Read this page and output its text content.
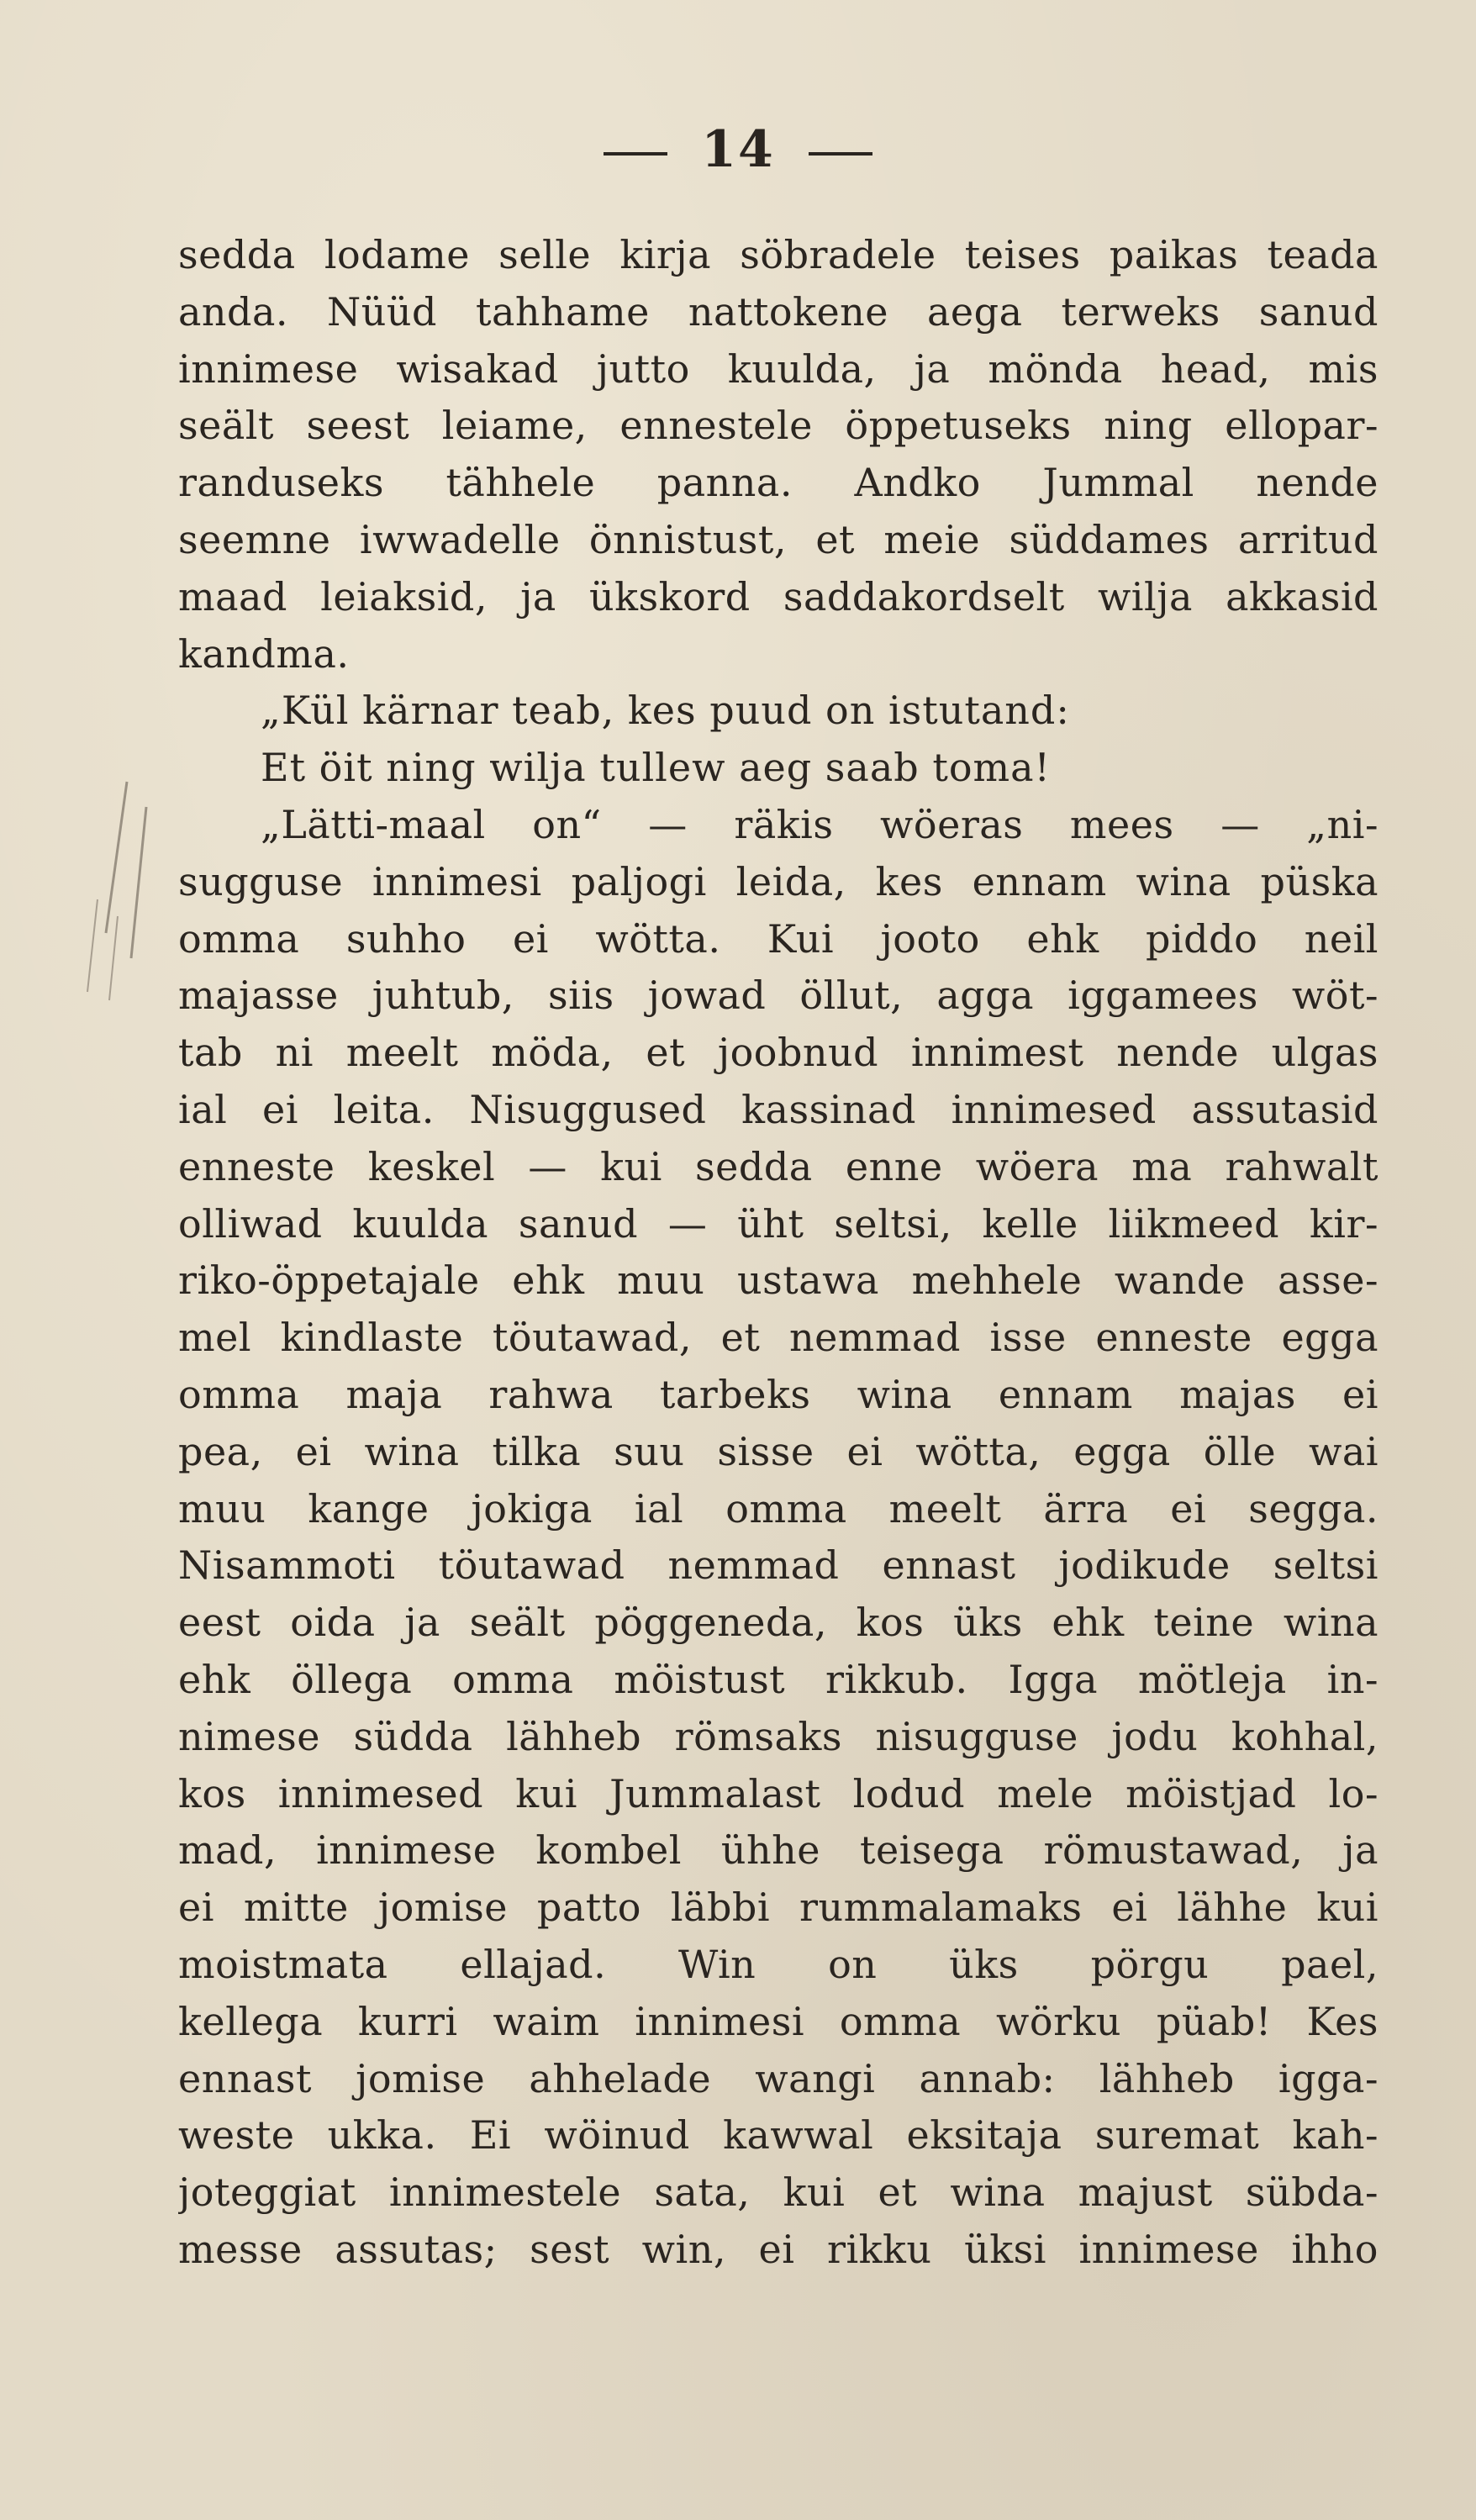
14
sedda lodame selle kirja söbradele teises paikas teada
anda. Nüüd tahhame nattokene aega terweks sanud
innimese wisakad jutto kuulda, ja mönda head, mis
seält seest leiame, ennestele öppetuseks ning ellopar-
randuseks tähhele panna. Andko Jummal nende
seemne iwwadelle önnistust, et meie süddames arritud
maad leiaksid, ja ükskord saddakordselt wilja akkasid
kandma.
„Kül kärnar teab, kes puud on istutand:
Et öit ning wilja tullew aeg saab toma!
„Lätti-maal on“ — räkis wöeras mees — „ni-
sugguse innimesi paljogi leida, kes ennam wina püska
omma suhho ei wötta. Kui jooto ehk piddo neil
majasse juhtub, siis jowad öllut, agga iggamees wöt-
tab ni meelt möda, et joobnud innimest nende ulgas
ial ei leita. Nisuggused kassinad innimesed assutasid
enneste keskel — kui sedda enne wöera ma rahwalt
olliwad kuulda sanud — üht seltsi, kelle liikmeed kir-
riko-öppetajale ehk muu ustawa mehhele wande asse-
mel kindlaste töutawad, et nemmad isse enneste egga
omma maja rahwa tarbeks wina ennam majas ei
pea, ei wina tilka suu sisse ei wötta, egga ölle wai
muu kange jokiga ial omma meelt ärra ei segga.
Nisammoti töutawad nemmad ennast jodikude seltsi
eest oida ja seält pöggeneda, kos üks ehk teine wina
ehk öllega omma möistust rikkub. Igga mötleja in-
nimese südda lähheb römsaks nisugguse jodu kohhal,
kos innimesed kui Jummalast lodud mele möistjad lo-
mad, innimese kombel ühhe teisega römustawad, ja
ei mitte jomise patto läbbi rummalamaks ei lähhe kui
moistmata ellajad. Win on üks pörgu pael,
kellega kurri waim innimesi omma wörku püab! Kes
ennast jomise ahhelade wangi annab: lähheb igga-
weste ukka. Ei wöinud kawwal eksitaja suremat kah-
joteggiat innimestele sata, kui et wina majust sübda-
messe assutas; sest win, ei rikku üksi innimese ihho
